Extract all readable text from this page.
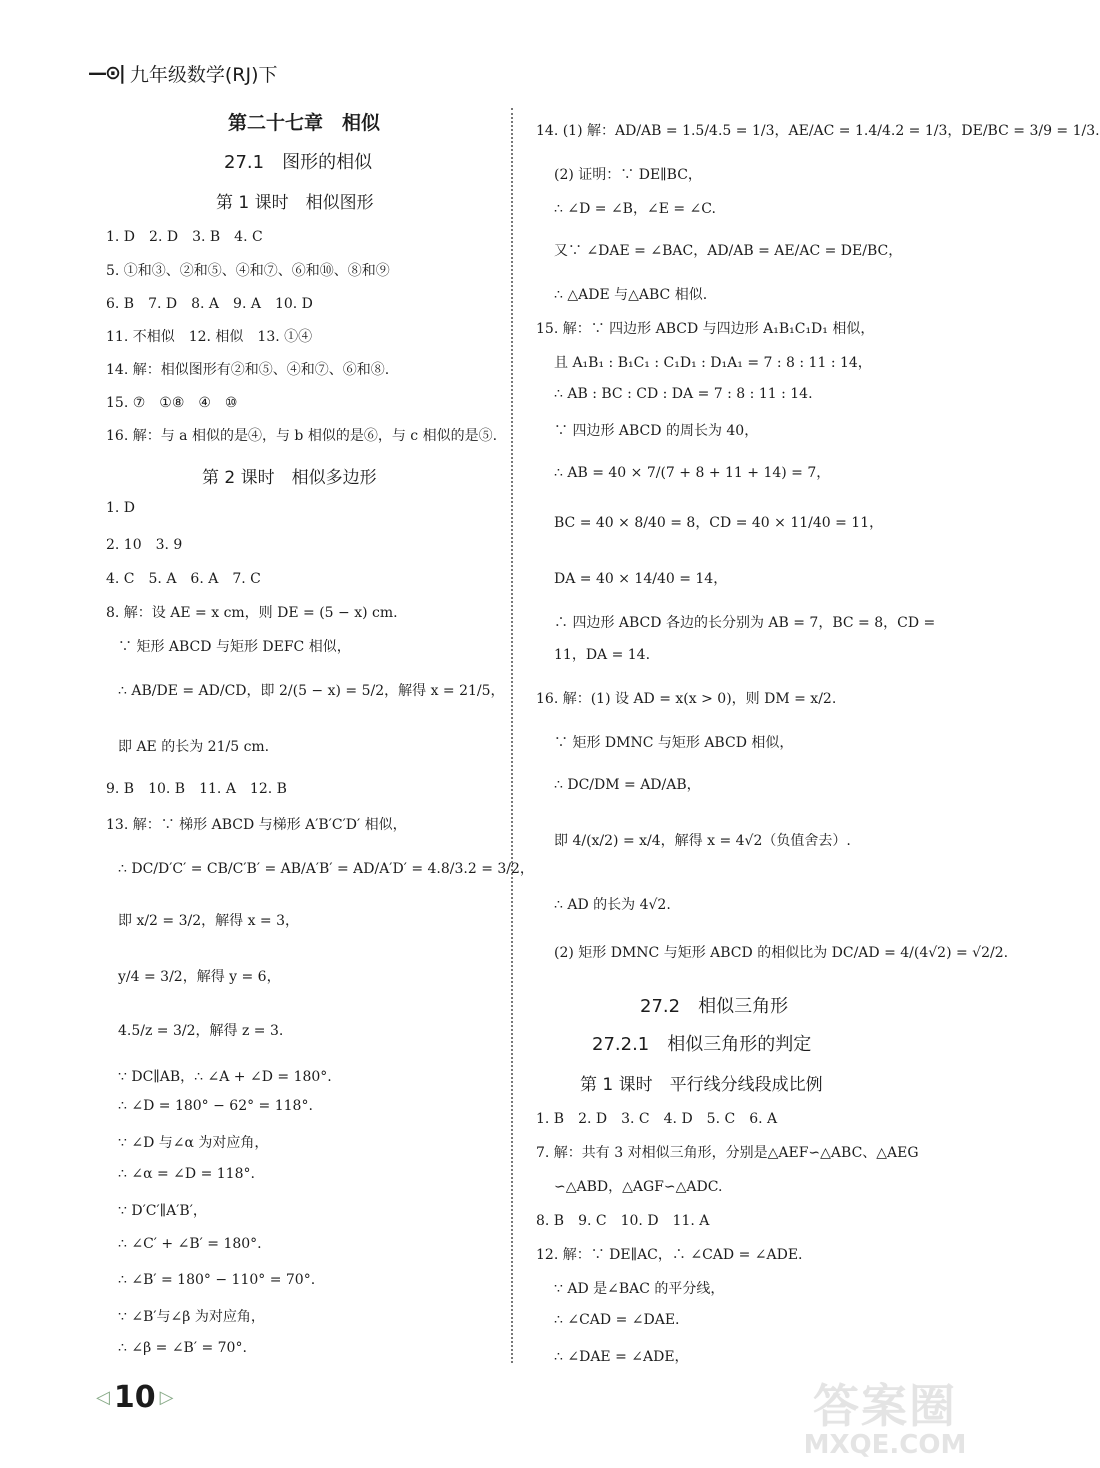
—⊙| 九年级数学(RJ)下
第二十七章　相似
27.1　图形的相似
第 1 课时　相似图形
1. D　2. D　3. B　4. C
5. ①和③、②和⑤、④和⑦、⑥和⑩、⑧和⑨
6. B　7. D　8. A　9. A　10. D
11. 不相似　12. 相似　13. ①④
14. 解：相似图形有②和⑤、④和⑦、⑥和⑧.
15. ⑦　①⑧　④　⑩
16. 解：与 a 相似的是④，与 b 相似的是⑥，与 c 相似的是⑤.
第 2 课时　相似多边形
1. D
2. 10　3. 9
4. C　5. A　6. A　7. C
8. 解：设 AE = x cm，则 DE = (5 − x) cm.
∵ 矩形 ABCD 与矩形 DEFC 相似，
∴ AB/DE = AD/CD，即 2/(5 − x) = 5/2，解得 x = 21/5，
即 AE 的长为 21/5 cm.
9. B　10. B　11. A　12. B
13. 解：∵ 梯形 ABCD 与梯形 A′B′C′D′ 相似，
∴ DC/D′C′ = CB/C′B′ = AB/A′B′ = AD/A′D′ = 4.8/3.2 = 3/2，
即 x/2 = 3/2，解得 x = 3，
y/4 = 3/2，解得 y = 6，
4.5/z = 3/2，解得 z = 3.
∵ DC∥AB，∴ ∠A + ∠D = 180°.
∴ ∠D = 180° − 62° = 118°.
∵ ∠D 与∠α 为对应角，
∴ ∠α = ∠D = 118°.
∵ D′C′∥A′B′，
∴ ∠C′ + ∠B′ = 180°.
∴ ∠B′ = 180° − 110° = 70°.
∵ ∠B′与∠β 为对应角，
∴ ∠β = ∠B′ = 70°.
14. (1) 解：AD/AB = 1.5/4.5 = 1/3，AE/AC = 1.4/4.2 = 1/3，DE/BC = 3/9 = 1/3.
(2) 证明：∵ DE∥BC，
∴ ∠D = ∠B，∠E = ∠C.
又∵ ∠DAE = ∠BAC，AD/AB = AE/AC = DE/BC，
∴ △ADE 与△ABC 相似.
15. 解：∵ 四边形 ABCD 与四边形 A₁B₁C₁D₁ 相似，
且 A₁B₁ : B₁C₁ : C₁D₁ : D₁A₁ = 7 : 8 : 11 : 14，
∴ AB : BC : CD : DA = 7 : 8 : 11 : 14.
∵ 四边形 ABCD 的周长为 40，
∴ AB = 40 × 7/(7 + 8 + 11 + 14) = 7，
BC = 40 × 8/40 = 8，CD = 40 × 11/40 = 11，
DA = 40 × 14/40 = 14，
∴ 四边形 ABCD 各边的长分别为 AB = 7，BC = 8，CD =
11，DA = 14.
16. 解：(1) 设 AD = x(x > 0)，则 DM = x/2.
∵ 矩形 DMNC 与矩形 ABCD 相似，
∴ DC/DM = AD/AB，
即 4/(x/2) = x/4，解得 x = 4√2（负值舍去）.
∴ AD 的长为 4√2.
(2) 矩形 DMNC 与矩形 ABCD 的相似比为 DC/AD = 4/(4√2) = √2/2.
27.2　相似三角形
27.2.1　相似三角形的判定
第 1 课时　平行线分线段成比例
1. B　2. D　3. C　4. D　5. C　6. A
7. 解：共有 3 对相似三角形，分别是△AEF∽△ABC、△AEG
∽△ABD，△AGF∽△ADC.
8. B　9. C　10. D　11. A
12. 解：∵ DE∥AC，∴ ∠CAD = ∠ADE.
∵ AD 是∠BAC 的平分线，
∴ ∠CAD = ∠DAE.
∴ ∠DAE = ∠ADE，
◁ 10 ▷	答案圈
MXQE.COM
